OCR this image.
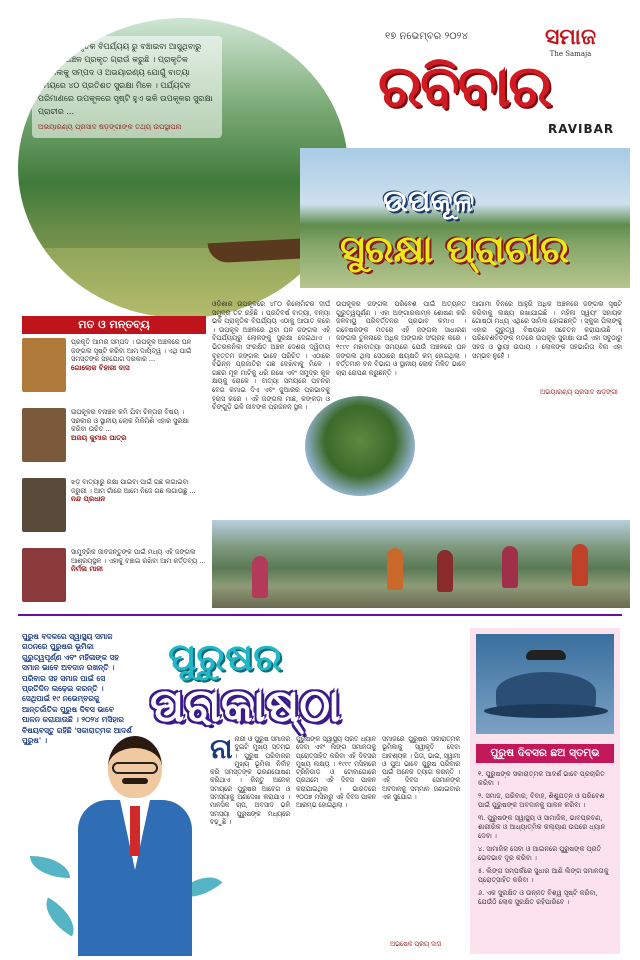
ଓଡ଼ିଶାକୁ ପ୍ରାକୃତିକ ବିପର୍ଯ୍ୟୟ ରୁ ବଞ୍ଚାଇବା ଆସୁଥିବାରୁ ଉପକୂଳ ଅଞ୍ଚଳ ପ୍ରକୃତ ଗ୍ରାଉଁ କରୁଛି । ପ୍ରାକୃତିକ ଜଙ୍ଗଲକୁ ସମ୍ପଦ ଓ ଅଭୟାରଣ୍ୟ ଯୋଗୁଁ ବାତ୍ୟା ସମୟରେ ୪୦ ପ୍ରତିଶତ ସୁରକ୍ଷା ମିଳେ । ପର୍ଯ୍ୟଟନ ପରିମାଣରେ ଉପକୂଳରେ ସୃଷ୍ଟି ହୁଏ ଭଳି ଉପକୂଳର ସୁରକ୍ଷା ପ୍ରାଚୀର ...
ଅଭୟାରଣ୍ୟ ପ୍ରସାଦ ଷଡ଼ଙ୍ଗୀଙ୍କ ତଥ୍ୟ ଉପସ୍ଥାପନା
୧୭ ନଭେମ୍ବର ୨୦୨୪	ସମାଜ
The Samaja
ରବିବାର
RAVIBAR
ଉପକୂଳ
ସୁରକ୍ଷା ପ୍ରାଚୀର
ମତ ଓ ମନ୍ତବ୍ୟ
ପ୍ରକୃତି ଆମର ସମ୍ପଦ । ଉପକୂଳ ଅଞ୍ଚଳରେ ଘନ ଜଙ୍ଗଲ ସୃଷ୍ଟି କରିବା ଆମ ଦାୟିତ୍ୱ । ଏଥି ପାଇଁ ସମସ୍ତଙ୍କ ସହଯୋଗ ଦରକାର ...
ଗୋଲୋକ ବିହାରୀ ଦାସ
ଉପକୂଳର ବନାଞ୍ଚଳ କମି ଯିବା ଚିନ୍ତାର ବିଷୟ । ସରକାର ଓ ସ୍ଥାନୀୟ ଲୋକ ମିଳିମିଶି ଏହାର ସୁରକ୍ଷା କରିବା ଉଚିତ ...
ଅଜୟ କୁମାର ପାତ୍ର
ଝଡ଼ ବାତ୍ୟାରୁ ରକ୍ଷା ପାଇବା ପାଇଁ ଗଛ ଲଗାଇବା ଜରୁରୀ । ଆମ ଗାଁରେ ଆମେ ନିଜେ ଗଛ ଲଗାଉଛୁ ...
ନନ୍ଦ ପ୍ରଧାନ
ସାମୁଦ୍ରିକ ଜୀବଜନ୍ତୁଙ୍କ ପାଇଁ ମଧ୍ୟ ଏହି ଜଙ୍ଗଲ ଆଶ୍ରୟସ୍ଥଳ । ଏହାକୁ ବଞ୍ଚାଇ ରଖିବା ଆମ କର୍ତ୍ତବ୍ୟ ...
ନିର୍ମଳା ମାଳୀ
ଓଡ଼ିଶାର ଉପକୂଳରେ ୪୮୦ କିଲୋମିଟର ଦୀର୍ଘ ସମୁଦ୍ର ତଟ ରହିଛି । ପ୍ରତିବର୍ଷ ବାତ୍ୟା, ବନ୍ୟା ଭଳି ପ୍ରାକୃତିକ ବିପର୍ଯ୍ୟୟ ଏଠାକୁ ଆଘାତ କରେ । ଉପକୂଳ ଅଞ୍ଚଳରେ ଥିବା ଘନ ଜଙ୍ଗଲ ଏହି ବିପର୍ଯ୍ୟୟରୁ ଲୋକଙ୍କୁ ସୁରକ୍ଷା ଦେଇଥାଏ । ଭିତରକନିକା ସଂରକ୍ଷିତ ଅଞ୍ଚଳ ଦେଶର ଦ୍ୱିତୀୟ ବୃହତ୍ତମ ଜଙ୍ଗଲ ଭାବେ ପରିଚିତ । ଏଠାରେ ବିଭିନ୍ନ ପ୍ରଜାତିର ଗଛ ଦେଖିବାକୁ ମିଳେ । ଗଛର ମୂଳ ମାଟିକୁ ଧରି ରଖେ ଏବଂ ସମୁଦ୍ର କୂଳ କ୍ଷୟକୁ ରୋକେ । ବାତ୍ୟା ସମୟରେ ପବନର ବେଗ କମାଇ ଦିଏ ଏବଂ ଜୁଆରର ପ୍ରଭାବକୁ ହ୍ରାସ କରେ । ଏହି ଜଙ୍ଗଲ ମାଛ, କଙ୍କଡ଼ା ଓ ଚିଙ୍ଗୁଡ଼ି ଭଳି ଜୀବଙ୍କ ପ୍ରଜନନ ସ୍ଥଳ ।
ଉପକୂଳର ଜଙ୍ଗଲ ପରିବେଶ ପାଇଁ ଅତ୍ୟନ୍ତ ଗୁରୁତ୍ୱପୂର୍ଣ୍ଣ । ଏହା ଅଙ୍ଗାରକାମ୍ଳ ଶୋଷଣ କରି ଜଳବାୟୁ ପରିବର୍ତ୍ତନର ପ୍ରଭାବ କମାଏ । ଗବେଷକଙ୍କ ମତରେ ଏହି ଜଙ୍ଗଲ ସାଧାରଣ ଜଙ୍ଗଲ ତୁଳନାରେ ଅଧିକ ଅଙ୍ଗାର ସଂଗ୍ରହ କରେ । ୧୯୯୯ ମହାବାତ୍ୟା ସମୟରେ ଯେଉଁ ଅଞ୍ଚଳରେ ଘନ ଜଙ୍ଗଲ ଥିଲା ସେଠାରେ କ୍ଷୟକ୍ଷତି କମ୍ ହୋଇଥିଲା । ବର୍ତ୍ତମାନ ବନ ବିଭାଗ ଓ ସ୍ଥାନୀୟ ଲୋକ ମିଳିତ ଭାବେ ଚାରା ରୋପଣ କରୁଛନ୍ତି ।
ଆଗାମୀ ଦିନରେ ଆହୁରି ଅଧିକ ଅଞ୍ଚଳରେ ଜଙ୍ଗଲ ସୃଷ୍ଟି କରିବାକୁ ଲକ୍ଷ୍ୟ ରଖାଯାଇଛି । ମହିଳା ସ୍ୱୟଂ ସହାୟକ ଗୋଷ୍ଠୀ ମଧ୍ୟ ଏଥିରେ ସାମିଲ ହୋଇଛନ୍ତି । ସ୍କୁଲ ପିଲାଙ୍କୁ ଏହାର ଗୁରୁତ୍ୱ ବିଷୟରେ ସଚେତନ କରାଯାଉଛି । ପରିବେଶବିତ୍‌ଙ୍କ ମତରେ ଉପକୂଳ ସୁରକ୍ଷା ପାଇଁ ଏହା ସବୁଠାରୁ ସହଜ ଓ ସ୍ଥାୟୀ ଉପାୟ । ଲୋକଙ୍କ ସହଭାଗିତା ବିନା ଏହା ସମ୍ଭବ ନୁହେଁ ।
ଅଭୟାରଣ୍ୟ ପ୍ରସାଦ ଷଡ଼ଙ୍ଗୀ
ପୁରୁଷ ବଦଳରେ ସ୍ୱାସ୍ଥ୍ୟ ସମାଜ ଗଠନରେ ପୁରୁଷର ଭୂମିକା ଗୁରୁତ୍ୱପୂର୍ଣ୍ଣ ଏବଂ ମହିଳାଙ୍କ ସହ ସମାନ ଭାବେ ଅବଦାନ ରଖନ୍ତି । ପରିବାର ସହ ସମାଜ ପାଇଁ ସେ ପ୍ରତିଦିନ ଲଢ଼େଇ କରନ୍ତି । ସେଥିପାଇଁ ୧୯ ନଭେମ୍ବରକୁ ଆନ୍ତର୍ଜାତିକ ପୁରୁଷ ଦିବସ ଭାବେ ପାଳନ କରାଯାଉଛି । ୨୦୨୪ ମସିହାର ବିଷୟବସ୍ତୁ ରହିଛି 'ସକାରାତ୍ମକ ଆଦର୍ଶ ପୁରୁଷ' ।
ପୁରୁଷର
ପରାକାଷ୍ଠା
ନା ନାରୀ ଓ ପୁରୁଷ ସମାଜର ଦୁଇଟି ମୁଖ୍ୟ ସ୍ତମ୍ଭ । ପୁରୁଷ ପରିବାରର ମୁଖ୍ୟ ଭୂମିକା ନିର୍ବାହ କରି ସମସ୍ତଙ୍କ ଭରଣପୋଷଣ କରିଥାଏ । କିନ୍ତୁ ଅନେକ ସମୟରେ ପୁରୁଷର ଆବେଗ ଓ ସମସ୍ୟାକୁ ଅଣଦେଖା କରାଯାଏ । ମାନସିକ ଚାପ, ଅବସାଦ ଭଳି ସମସ୍ୟା ପୁରୁଷଙ୍କ ମଧ୍ୟରେ ବଢ଼ୁଛି ।
ପୁରୁଷଙ୍କ ସ୍ୱାସ୍ଥ୍ୟ ପ୍ରତି ଧ୍ୟାନ ଦେବା ଏବଂ ଲିଙ୍ଗ ସମାନତାକୁ ପ୍ରୋତ୍ସାହିତ କରିବା ଏହି ଦିବସର ମୁଖ୍ୟ ଲକ୍ଷ୍ୟ । ୧୯୯୯ ମସିହାରେ ଟ୍ରିନିଡାଡ ଓ ଟୋବାଗୋରେ ପ୍ରଥମେ ଏହି ଦିବସ ପାଳନ କରାଯାଇଥିଲା । ଭାରତରେ ୨୦୦୭ ମସିହାରୁ ଏହି ଦିବସ ପାଳନ ଆରମ୍ଭ ହୋଇଥିଲା ।
ସମାଜରେ ପୁରୁଷର ସକାରାତ୍ମକ ଭୂମିକାକୁ ସ୍ୱୀକୃତି ଦେବା ଆବଶ୍ୟକ । ପିତା, ଭାଇ, ସ୍ୱାମୀ ଓ ପୁଅ ଭାବେ ପୁରୁଷ ପରିବାର ପାଇଁ ଅନେକ ତ୍ୟାଗ କରନ୍ତି । ଏହି ଦିବସ ସେମାନଙ୍କ ଅବଦାନକୁ ସମ୍ମାନ ଜଣାଇବାର ଏକ ସୁଯୋଗ ।
ଅଭିଷେକ ପ୍ରିୟ ଦାସ
ପୁରୁଷ ଦିବସର ଛଅ ସ୍ତମ୍ଭ
୧. ପୁରୁଷଙ୍କ ସକାରାତ୍ମକ ଆଦର୍ଶ ଭାବେ ପ୍ରଚାରିତ କରିବା ।
୨. ସମାଜ, ପରିବାର, ବିବାହ, ଶିଶୁଯତ୍ନ ଓ ପରିବେଶ ପାଇଁ ପୁରୁଷଙ୍କ ଅବଦାନକୁ ପାଳନ କରିବା ।
୩. ପୁରୁଷଙ୍କ ସ୍ୱାସ୍ଥ୍ୟ ଓ ସାମାଜିକ, ଭାବପ୍ରବଣ, ଶାରୀରିକ ଓ ଆଧ୍ୟାତ୍ମିକ କଲ୍ୟାଣ ଉପରେ ଧ୍ୟାନ ଦେବା ।
୪. ସାମାଜିକ ସେବା ଓ ଆଇନରେ ପୁରୁଷଙ୍କ ପ୍ରତି ଭେଦଭାବ ଦୂର କରିବା ।
୫. ଲିଙ୍ଗ ସମ୍ପର୍କରେ ସୁଧାର ଆଣି ଲିଙ୍ଗ ସମାନତାକୁ ପ୍ରୋତ୍ସାହିତ କରିବା ।
୬. ଏକ ସୁରକ୍ଷିତ ଓ ଉନ୍ନତ ବିଶ୍ୱ ସୃଷ୍ଟି କରିବା, ଯେଉଁଠି ଲୋକ ସୁରକ୍ଷିତ ରହିପାରିବେ ।
